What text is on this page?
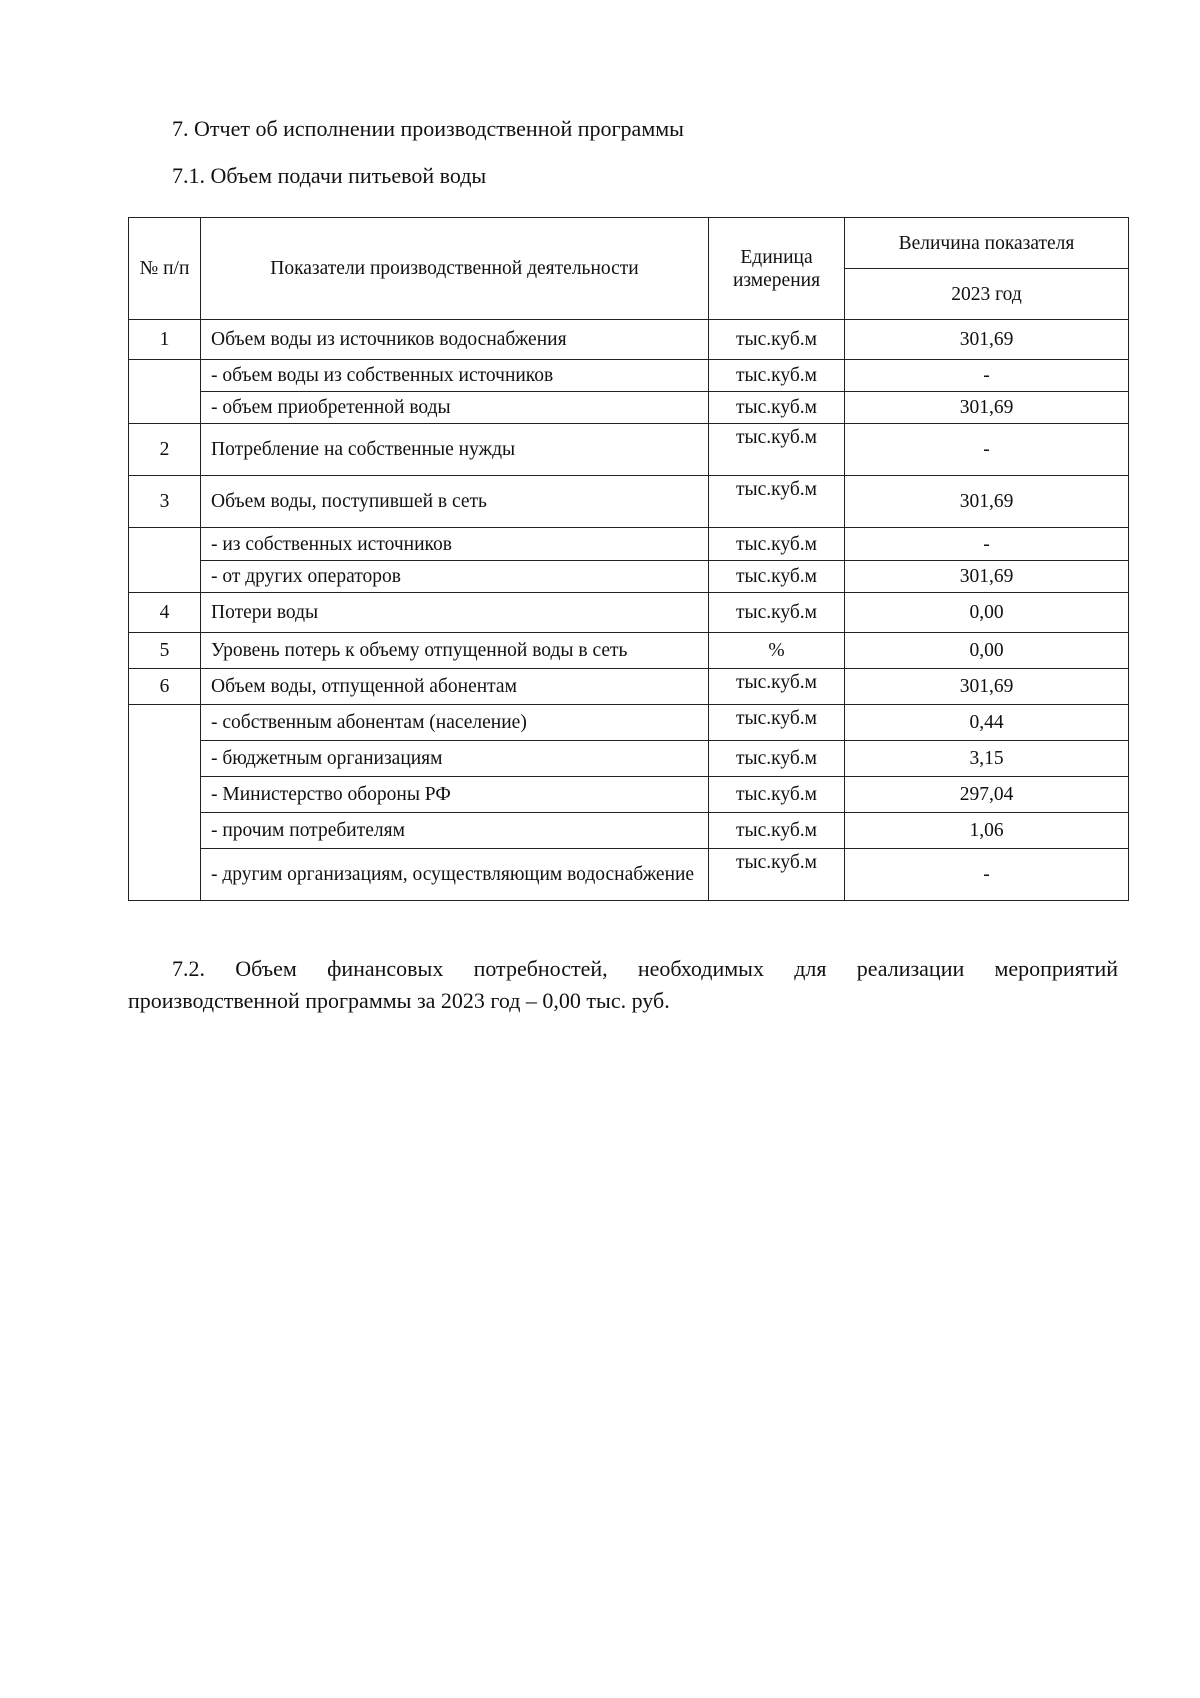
7. Отчет об исполнении производственной программы

7.1. Объем подачи питьевой воды

№ п/п	Показатели производственной деятельности	Единица измерения	Величина показателя
			2023 год
1	Объем воды из источников водоснабжения	тыс.куб.м	301,69
	- объем воды из собственных источников	тыс.куб.м	-
	- объем приобретенной воды	тыс.куб.м	301,69
2	Потребление на собственные нужды	тыс.куб.м	-
3	Объем воды, поступившей в сеть	тыс.куб.м	301,69
	- из собственных источников	тыс.куб.м	-
	- от других операторов	тыс.куб.м	301,69
4	Потери воды	тыс.куб.м	0,00
5	Уровень потерь к объему отпущенной воды в сеть	%	0,00
6	Объем воды, отпущенной абонентам	тыс.куб.м	301,69
	- собственным абонентам (население)	тыс.куб.м	0,44
	- бюджетным организациям	тыс.куб.м	3,15
	- Министерство обороны РФ	тыс.куб.м	297,04
	- прочим потребителям	тыс.куб.м	1,06
	- другим организациям, осуществляющим водоснабжение	тыс.куб.м	-

7.2. Объем финансовых потребностей, необходимых для реализации мероприятий производственной программы за 2023 год – 0,00 тыс. руб.
